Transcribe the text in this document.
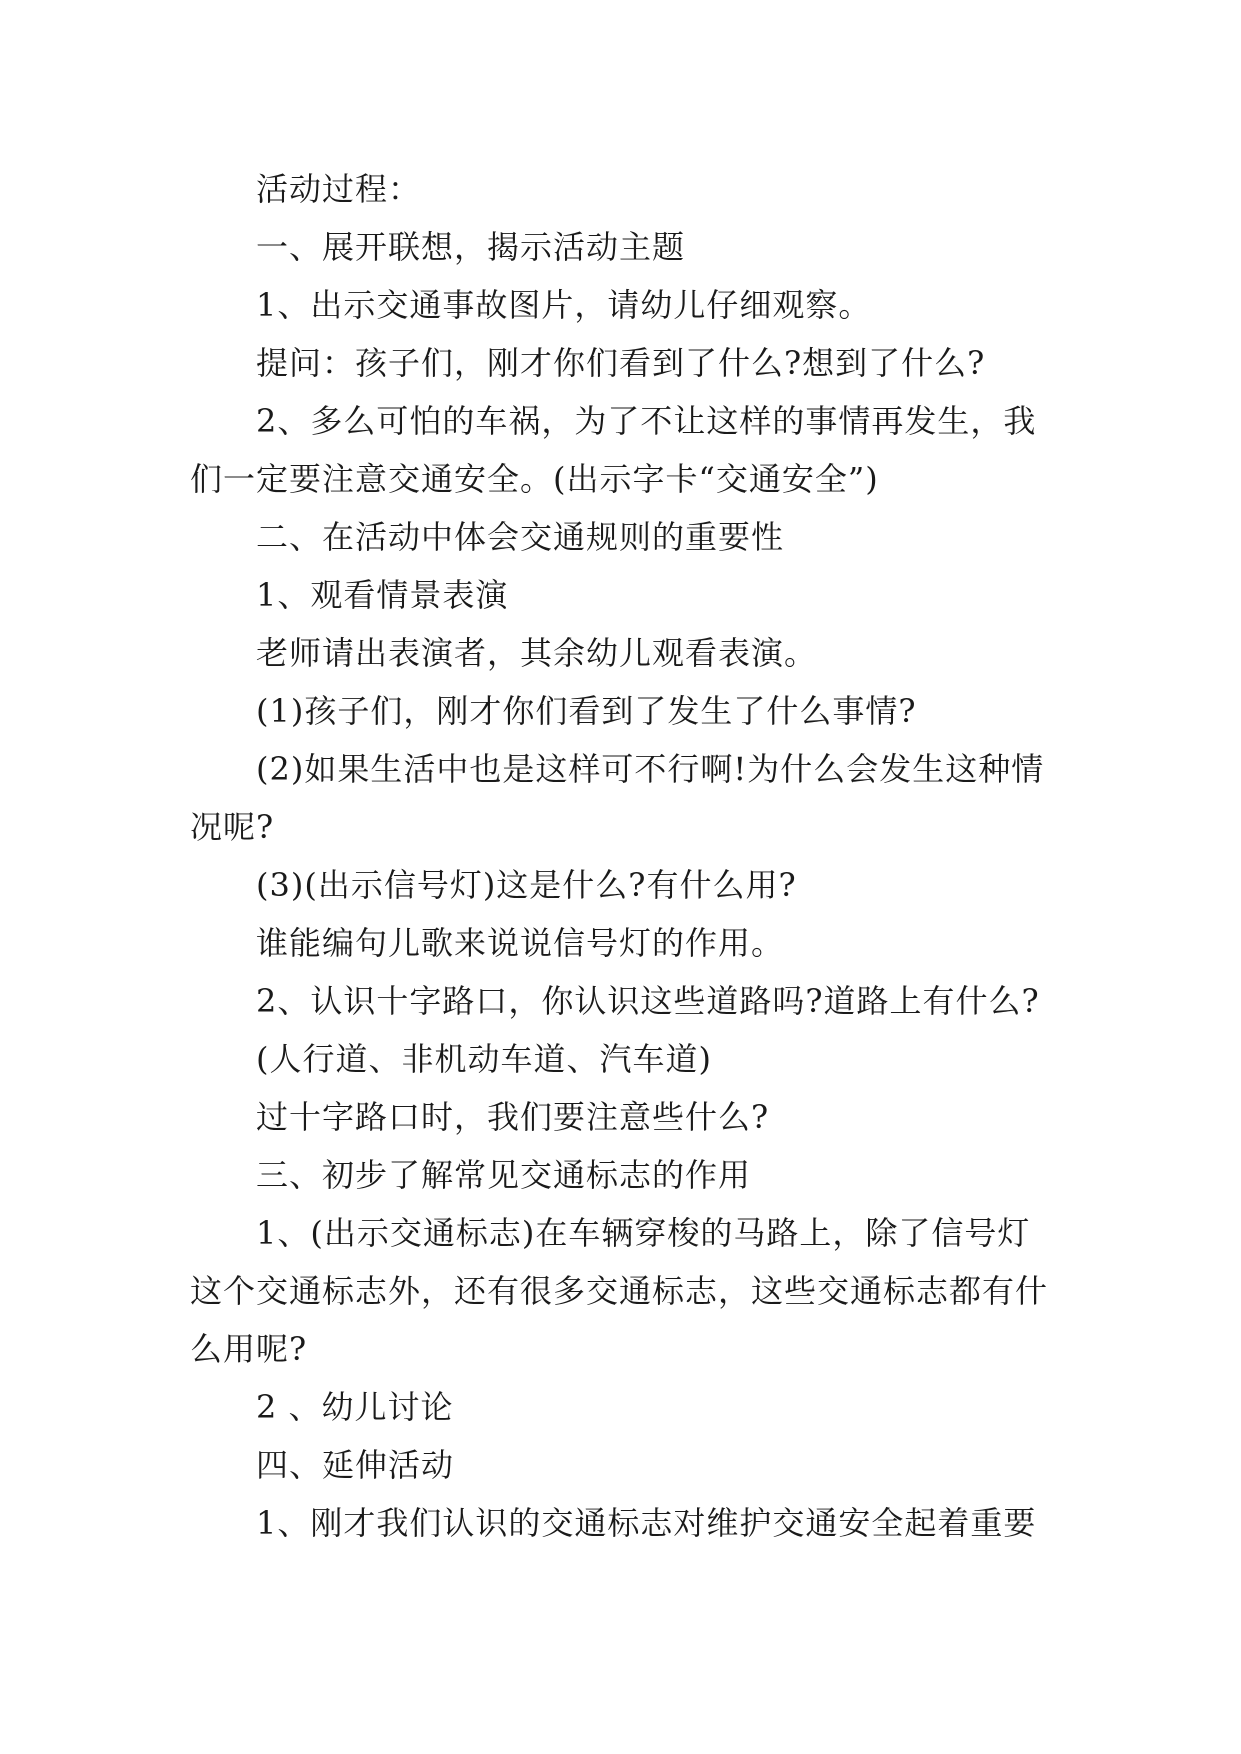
活动过程：

一、展开联想，揭示活动主题

1、出示交通事故图片，请幼儿仔细观察。

提问：孩子们，刚才你们看到了什么?想到了什么?

2、多么可怕的车祸，为了不让这样的事情再发生，我们一定要注意交通安全。(出示字卡“交通安全”)

二、在活动中体会交通规则的重要性

1、观看情景表演

老师请出表演者，其余幼儿观看表演。

(1)孩子们，刚才你们看到了发生了什么事情?

(2)如果生活中也是这样可不行啊!为什么会发生这种情况呢?

(3)(出示信号灯)这是什么?有什么用?

谁能编句儿歌来说说信号灯的作用。

2、认识十字路口，你认识这些道路吗?道路上有什么?

(人行道、非机动车道、汽车道)

过十字路口时，我们要注意些什么?

三、初步了解常见交通标志的作用

1、(出示交通标志)在车辆穿梭的马路上，除了信号灯这个交通标志外，还有很多交通标志，这些交通标志都有什么用呢?

2 、幼儿讨论

四、延伸活动

1、刚才我们认识的交通标志对维护交通安全起着重要
